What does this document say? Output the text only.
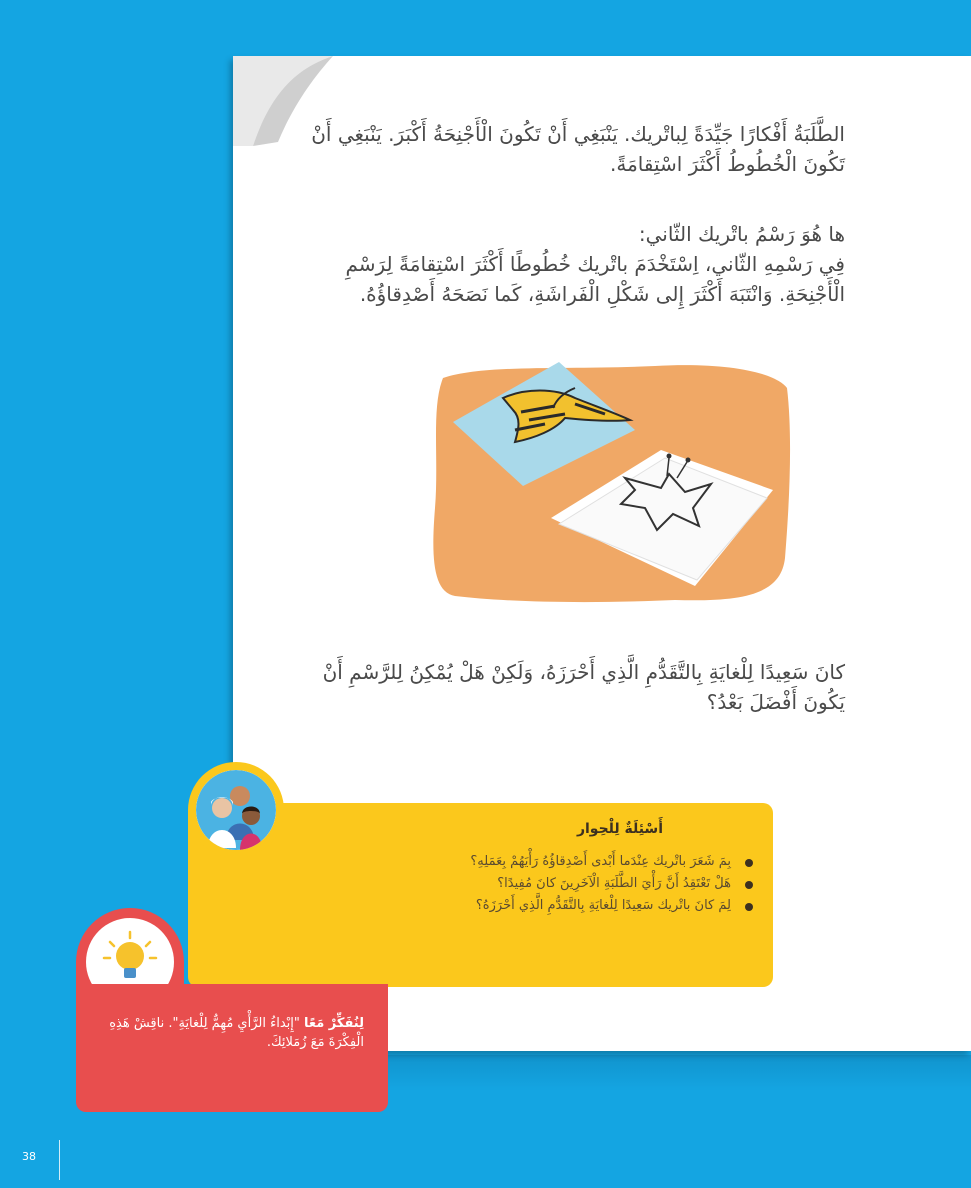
الطَّلَبَةُ أَفْكارًا جَيِّدَةً لِباتْريك. يَنْبَغِي أَنْ تَكُونَ الْأَجْنِحَةُ أَكْبَرَ. يَنْبَغِي أَنْ تَكُونَ الْخُطُوطُ أَكْثَرَ اسْتِقامَةً.
ها هُوَ رَسْمُ باتْريك الثّاني:
فِي رَسْمِهِ الثّاني، اِسْتَخْدَمَ باتْريك خُطُوطًا أَكْثَرَ اسْتِقامَةً لِرَسْمِ الْأَجْنِحَةِ. وَانْتَبَهَ أَكْثَرَ إِلى شَكْلِ الْفَراشَةِ، كَما نَصَحَهُ أَصْدِقاؤُهُ.
كانَ سَعِيدًا لِلْغايَةِ بِالتَّقَدُّمِ الَّذِي أَحْرَزَهُ، وَلَكِنْ هَلْ يُمْكِنُ لِلرَّسْمِ أَنْ يَكُونَ أَفْضَلَ بَعْدُ؟
أَسْئِلَةٌ لِلْحِوار
بِمَ شَعَرَ باتْريك عِنْدَما أَبْدى أَصْدِقاؤُهُ رَأْيَهُمْ بِعَمَلِهِ؟
هَلْ تَعْتَقِدُ أَنَّ رَأْيَ الطَّلَبَةِ الْآخَرِينَ كانَ مُفِيدًا؟
لِمَ كانَ باتْريك سَعِيدًا لِلْغايَةِ بِالتَّقَدُّمِ الَّذِي أَحْرَزَهُ؟
لِنُفَكِّرْ مَعًا "إِبْداءُ الرَّأْيِ مُهِمٌّ لِلْغايَةِ". ناقِشْ هَذِهِ الْفِكْرَةَ مَعَ زُمَلائِكَ.
38
